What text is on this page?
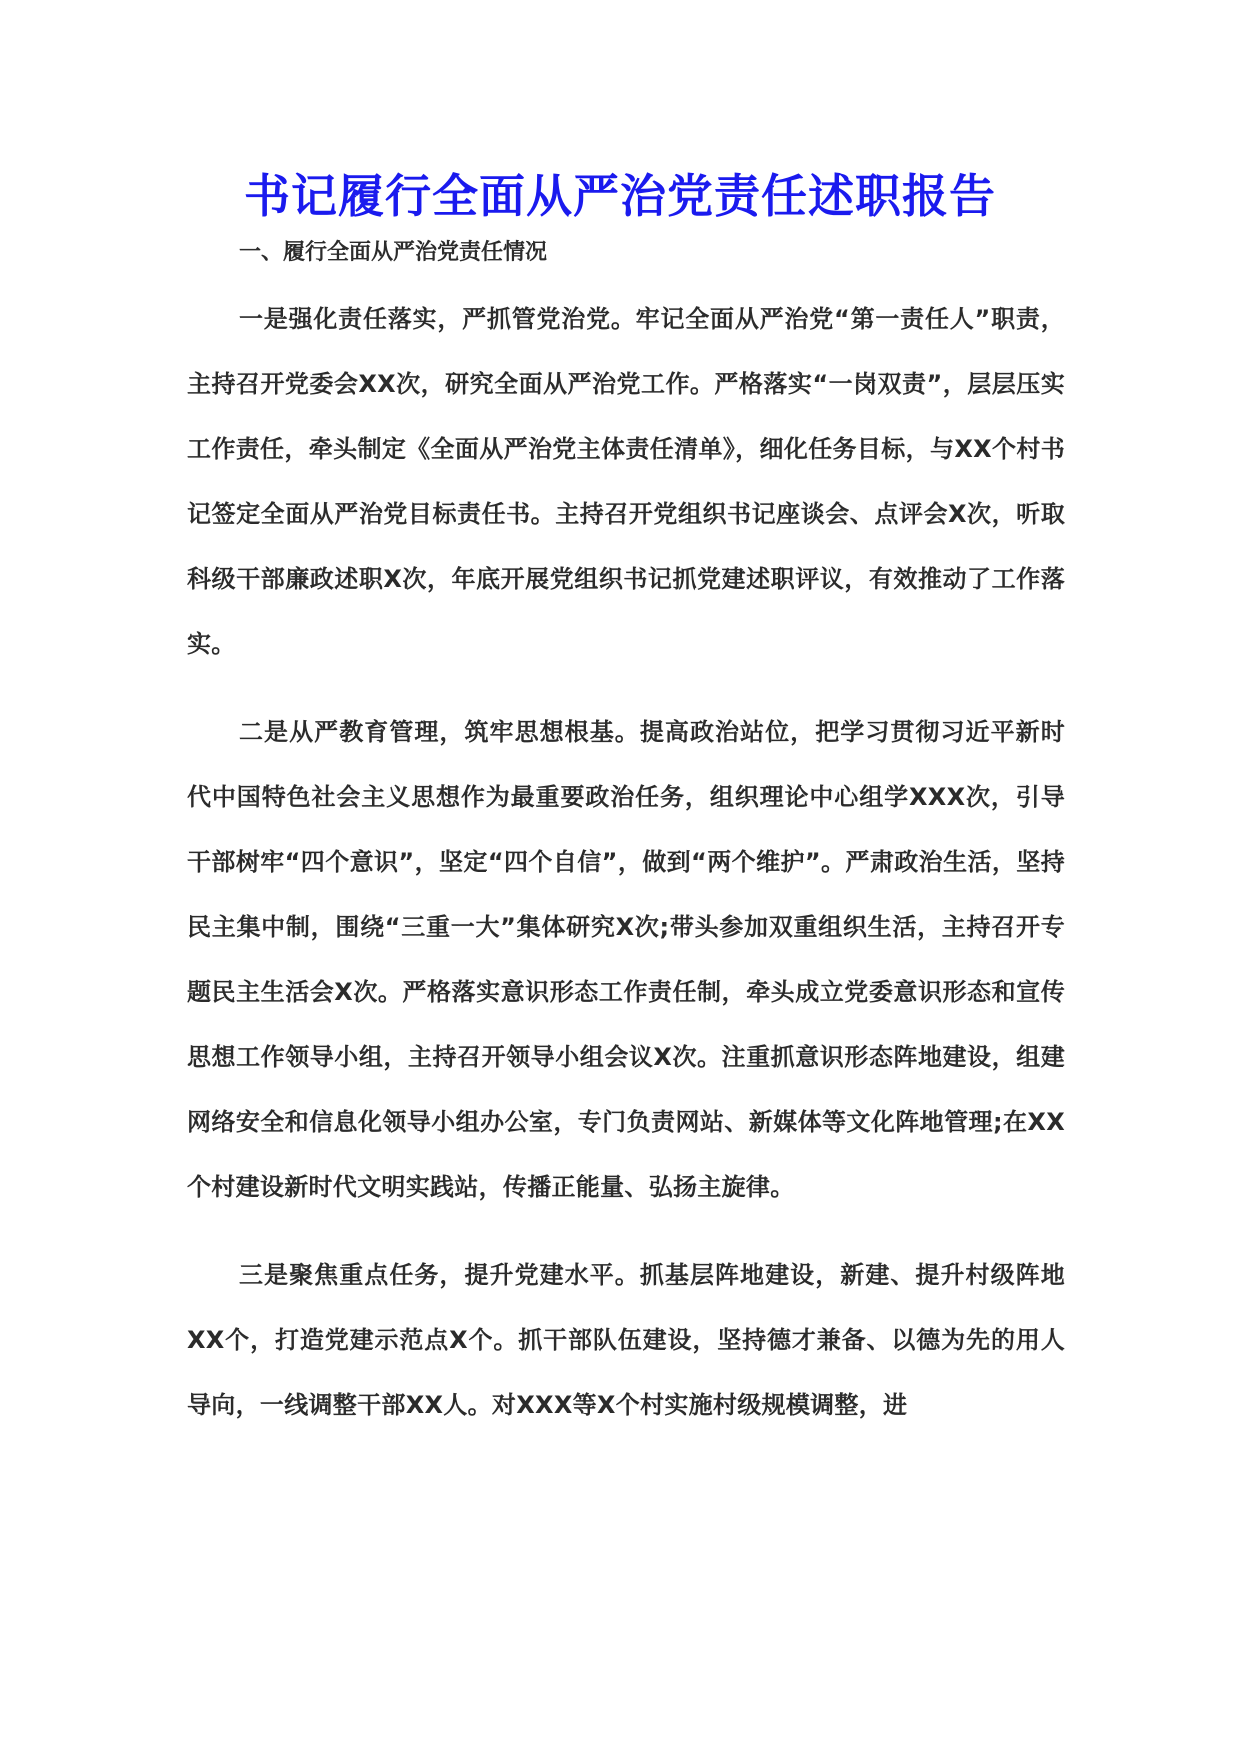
书记履行全面从严治党责任述职报告

一、履行全面从严治党责任情况

一是强化责任落实，严抓管党治党。牢记全面从严治党“第一责任人”职责，主持召开党委会XX次，研究全面从严治党工作。严格落实“一岗双责”，层层压实工作责任，牵头制定《全面从严治党主体责任清单》，细化任务目标，与XX个村书记签定全面从严治党目标责任书。主持召开党组织书记座谈会、点评会X次，听取科级干部廉政述职X次，年底开展党组织书记抓党建述职评议，有效推动了工作落实。

二是从严教育管理，筑牢思想根基。提高政治站位，把学习贯彻习近平新时代中国特色社会主义思想作为最重要政治任务，组织理论中心组学XXX次，引导干部树牢“四个意识”，坚定“四个自信”，做到“两个维护”。严肃政治生活，坚持民主集中制，围绕“三重一大”集体研究X次;带头参加双重组织生活，主持召开专题民主生活会X次。严格落实意识形态工作责任制，牵头成立党委意识形态和宣传思想工作领导小组，主持召开领导小组会议X次。注重抓意识形态阵地建设，组建网络安全和信息化领导小组办公室，专门负责网站、新媒体等文化阵地管理;在XX个村建设新时代文明实践站，传播正能量、弘扬主旋律。

三是聚焦重点任务，提升党建水平。抓基层阵地建设，新建、提升村级阵地XX个，打造党建示范点X个。抓干部队伍建设，坚持德才兼备、以德为先的用人导向，一线调整干部XX人。对XXX等X个村实施村级规模调整，进
